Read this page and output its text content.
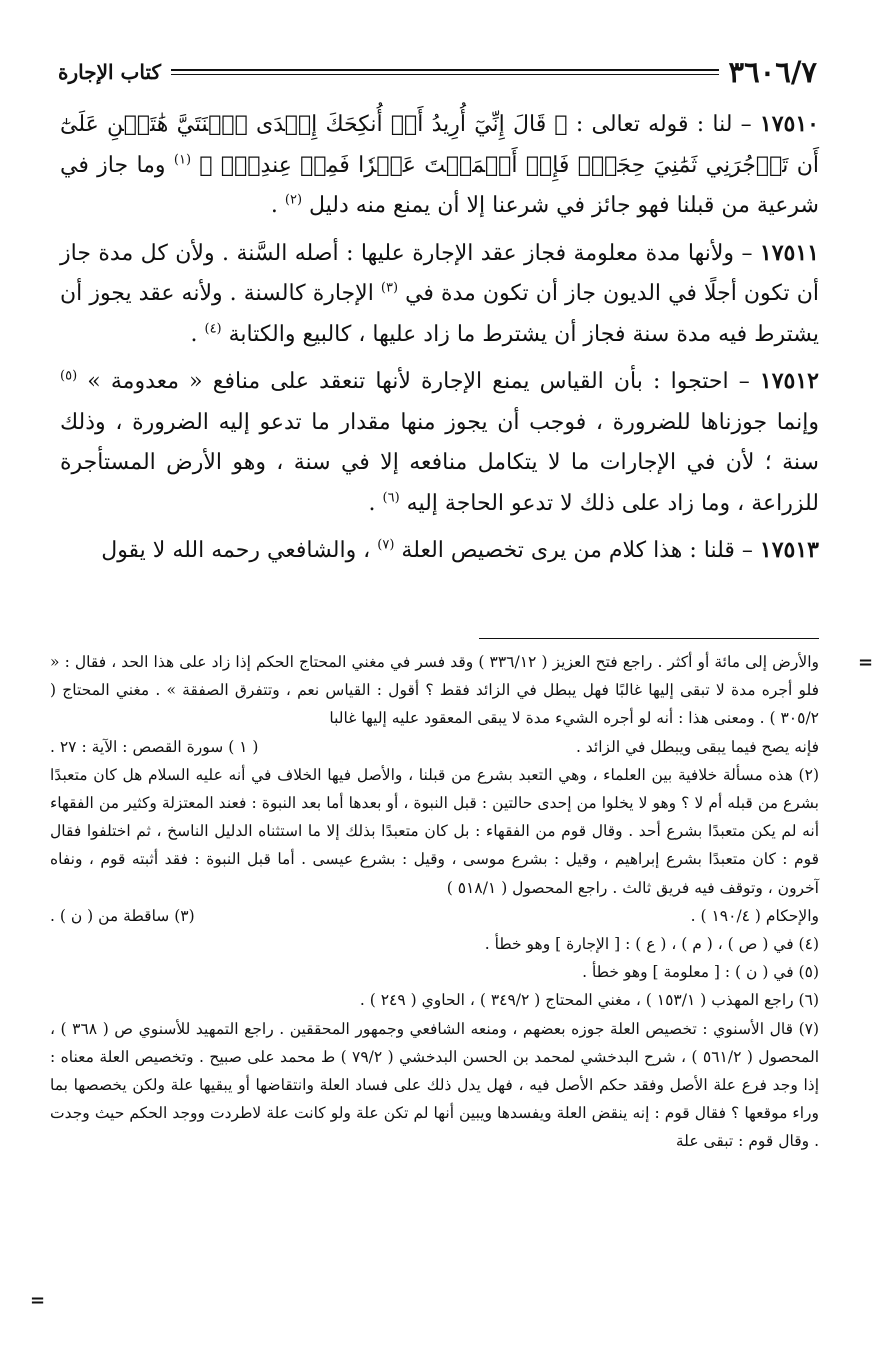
٣٦٠٦/٧
كتاب الإجارة

١٧٥١٠ – لنا : قوله تعالى : ﴿ قَالَ إِنِّيٓ أُرِيدُ أَنۡ أُنكِحَكَ إِحۡدَى ٱبۡنَتَيَّ هَٰتَيۡنِ عَلَىٰٓ أَن تَأۡجُرَنِي ثَمَٰنِيَ حِجَجٖۖ فَإِنۡ أَتۡمَمۡتَ عَشۡرٗا فَمِنۡ عِندِكَۖ ﴾ $^{(١)}$ وما جاز في شرعية من قبلنا فهو جائز في شرعنا إلا أن يمنع منه دليل $^{(٢)}$ .

١٧٥١١ – ولأنها مدة معلومة فجاز عقد الإجارة عليها : أصله السَّنة . ولأن كل مدة جاز أن تكون أجلًا في الديون جاز أن تكون مدة في $^{(٣)}$ الإجارة كالسنة . ولأنه عقد يجوز أن يشترط فيه مدة سنة فجاز أن يشترط ما زاد عليها ، كالبيع والكتابة $^{(٤)}$ .

١٧٥١٢ – احتجوا : بأن القياس يمنع الإجارة لأنها تنعقد على منافع « معدومة » $^{(٥)}$ وإنما جوزناها للضرورة ، فوجب أن يجوز منها مقدار ما تدعو إليه الضرورة ، وذلك سنة ؛ لأن في الإجارات ما لا يتكامل منافعه إلا في سنة ، وهو الأرض المستأجرة للزراعة ، وما زاد على ذلك لا تدعو الحاجة إليه $^{(٦)}$ .

١٧٥١٣ – قلنا : هذا كلام من يرى تخصيص العلة $^{(٧)}$ ، والشافعي رحمه الله لا يقول

=

والأرض إلى مائة أو أكثر . راجع فتح العزيز ( ٣٣٦/١٢ ) وقد فسر في مغني المحتاج الحكم إذا زاد على هذا الحد ، فقال : « فلو أجره مدة لا تبقى إليها غالبًا فهل يبطل في الزائد فقط ؟ أقول : القياس نعم ، وتتفرق الصفقة » . مغني المحتاج ( ٣٠٥/٢ ) . ومعنى هذا : أنه لو أجره الشيء مدة لا يبقى المعقود عليه إليها غالبا

فإنه يصح فيما يبقى ويبطل في الزائد .
( ١ ) سورة القصص : الآية : ٢٧ .

(٢) هذه مسألة خلافية بين العلماء ، وهي التعبد بشرع من قبلنا ، والأصل فيها الخلاف في أنه عليه السلام هل كان متعبدًا بشرع من قبله أم لا ؟ وهو لا يخلوا من إحدى حالتين : قبل النبوة ، أو بعدها أما بعد النبوة : فعند المعتزلة وكثير من الفقهاء أنه لم يكن متعبدًا بشرع أحد . وقال قوم من الفقهاء : بل كان متعبدًا بذلك إلا ما استثناه الدليل الناسخ ، ثم اختلفوا فقال قوم : كان متعبدًا بشرع إبراهيم ، وقيل : بشرع موسى ، وقيل : بشرع عيسى . أما قبل النبوة : فقد أثبته قوم ، ونفاه آخرون ، وتوقف فيه فريق ثالث . راجع المحصول ( ٥١٨/١ )

والإحكام ( ١٩٠/٤ ) .
(٣) ساقطة من ( ن ) .

(٤) في ( ص ) ، ( م ) ، ( ع ) : [ الإجارة ] وهو خطأ .

(٥) في ( ن ) : [ معلومة ] وهو خطأ .

(٦) راجع المهذب ( ١٥٣/١ ) ، مغني المحتاج ( ٣٤٩/٢ ) ، الحاوي ( ٢٤٩ ) .

(٧) قال الأسنوي : تخصيص العلة جوزه بعضهم ، ومنعه الشافعي وجمهور المحققين . راجع التمهيد للأسنوي ص ( ٣٦٨ ) ، المحصول ( ٥٦١/٢ ) ، شرح البدخشي لمحمد بن الحسن البدخشي ( ٧٩/٢ ) ط محمد على صبيح . وتخصيص العلة معناه : إذا وجد فرع علة الأصل وفقد حكم الأصل فيه ، فهل يدل ذلك على فساد العلة وانتقاضها أو يبقيها علة ولكن يخصصها بما وراء موقعها ؟ فقال قوم : إنه ينقض العلة ويفسدها ويبين أنها لم تكن علة ولو كانت علة لاطردت ووجد الحكم حيث وجدت . وقال قوم : تبقى علة

=
